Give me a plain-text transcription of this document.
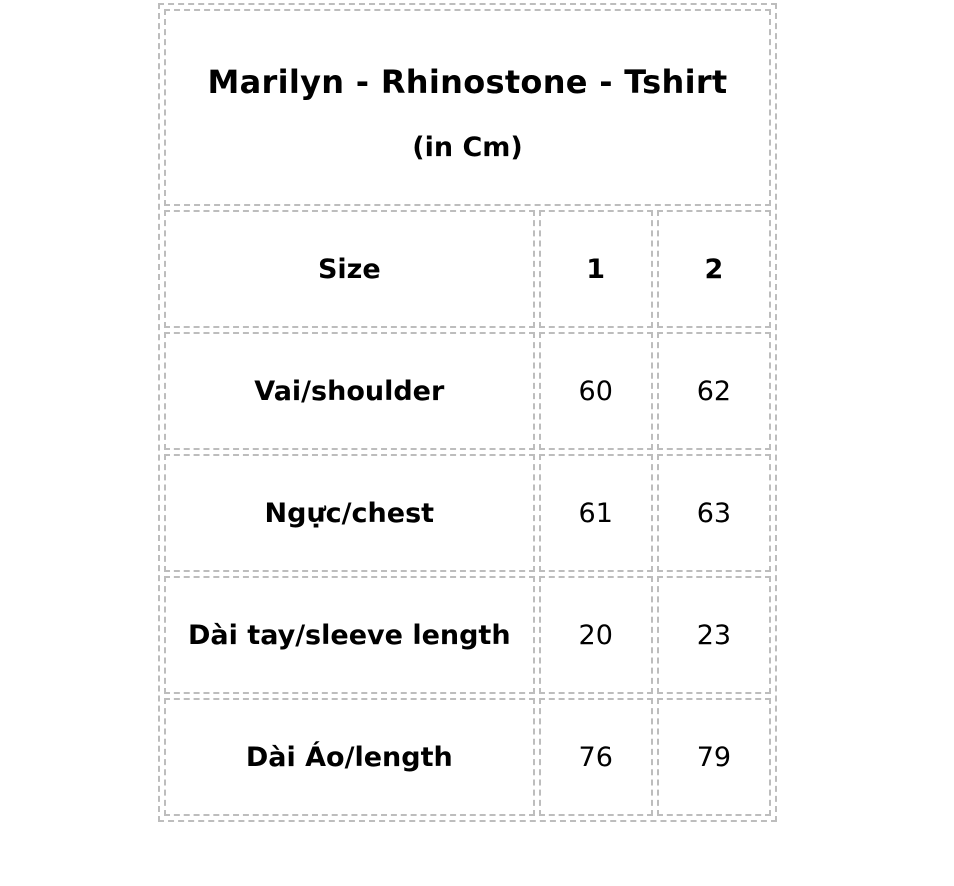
Marilyn - Rhinostone - Tshirt
(in Cm)		

Size	1	2
Vai/shoulder	60	62
Ngực/chest	61	63
Dài tay/sleeve length	20	23
Dài Áo/length	76	79
